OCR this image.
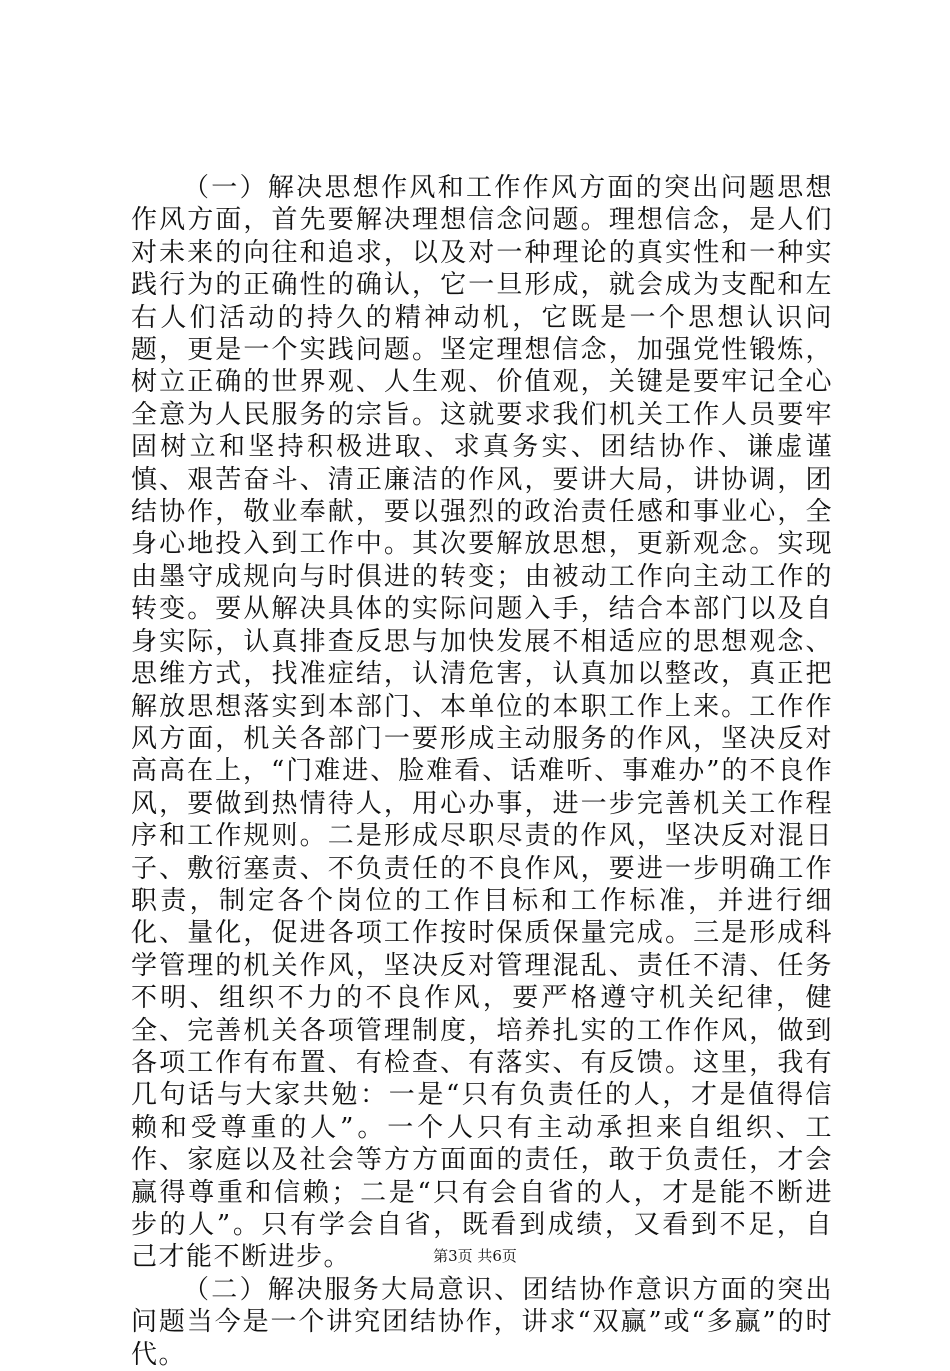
（一）解决思想作风和工作作风方面的突出问题思想作风方面，首先要解决理想信念问题。理想信念，是人们对未来的向往和追求，以及对一种理论的真实性和一种实践行为的正确性的确认，它一旦形成，就会成为支配和左右人们活动的持久的精神动机，它既是一个思想认识问题，更是一个实践问题。坚定理想信念，加强党性锻炼，树立正确的世界观、人生观、价值观，关键是要牢记全心全意为人民服务的宗旨。这就要求我们机关工作人员要牢固树立和坚持积极进取、求真务实、团结协作、谦虚谨慎、艰苦奋斗、清正廉洁的作风，要讲大局，讲协调，团结协作，敬业奉献，要以强烈的政治责任感和事业心，全身心地投入到工作中。其次要解放思想，更新观念。实现由墨守成规向与时俱进的转变；由被动工作向主动工作的转变。要从解决具体的实际问题入手，结合本部门以及自身实际，认真排查反思与加快发展不相适应的思想观念、思维方式，找准症结，认清危害，认真加以整改，真正把解放思想落实到本部门、本单位的本职工作上来。工作作风方面，机关各部门一要形成主动服务的作风，坚决反对高高在上，“门难进、脸难看、话难听、事难办”的不良作风，要做到热情待人，用心办事，进一步完善机关工作程序和工作规则。二是形成尽职尽责的作风，坚决反对混日子、敷衍塞责、不负责任的不良作风，要进一步明确工作职责，制定各个岗位的工作目标和工作标准，并进行细化、量化，促进各项工作按时保质保量完成。三是形成科学管理的机关作风，坚决反对管理混乱、责任不清、任务不明、组织不力的不良作风，要严格遵守机关纪律，健全、完善机关各项管理制度，培养扎实的工作作风，做到各项工作有布置、有检查、有落实、有反馈。这里，我有几句话与大家共勉：一是“只有负责任的人，才是值得信赖和受尊重的人”。一个人只有主动承担来自组织、工作、家庭以及社会等方方面面的责任，敢于负责任，才会赢得尊重和信赖；二是“只有会自省的人，才是能不断进步的人”。只有学会自省，既看到成绩，又看到不足，自己才能不断进步。

（二）解决服务大局意识、团结协作意识方面的突出问题当今是一个讲究团结协作，讲求“双赢”或“多赢”的时代。

第3页 共6页
